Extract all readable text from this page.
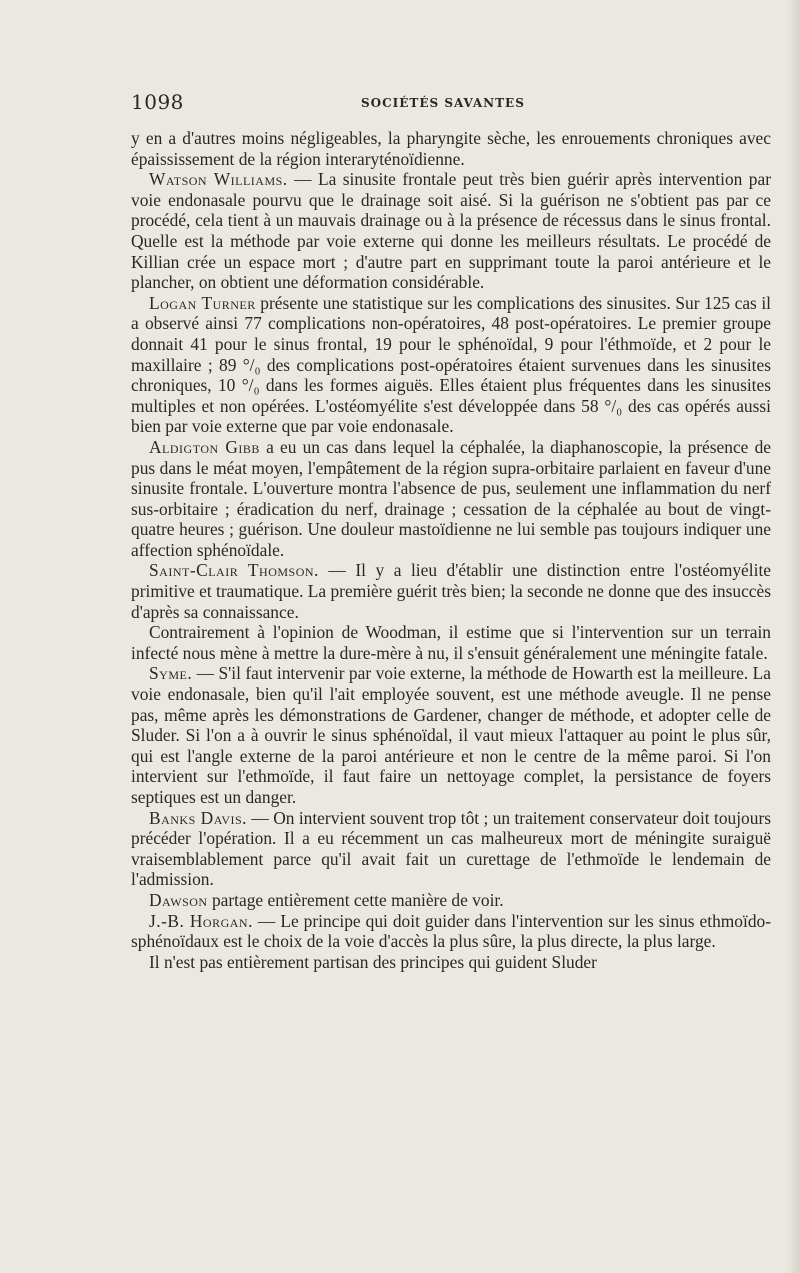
1098	SOCIÉTÉS SAVANTES

y en a d'autres moins négligeables, la pharyngite sèche, les enrouements chroniques avec épaississement de la région interaryténoïdienne.

Watson Williams. — La sinusite frontale peut très bien guérir après intervention par voie endonasale pourvu que le drainage soit aisé. Si la guérison ne s'obtient pas par ce procédé, cela tient à un mauvais drainage ou à la présence de récessus dans le sinus frontal. Quelle est la méthode par voie externe qui donne les meilleurs résultats. Le procédé de Killian crée un espace mort ; d'autre part en supprimant toute la paroi antérieure et le plancher, on obtient une déformation considérable.

Logan Turner présente une statistique sur les complications des sinusites. Sur 125 cas il a observé ainsi 77 complications non-opératoires, 48 post-opératoires. Le premier groupe donnait 41 pour le sinus frontal, 19 pour le sphénoïdal, 9 pour l'éthmoïde, et 2 pour le maxillaire ; 89 °/₀ des complications post-opératoires étaient survenues dans les sinusites chroniques, 10 °/₀ dans les formes aiguës. Elles étaient plus fréquentes dans les sinusites multiples et non opérées. L'ostéomyélite s'est développée dans 58 °/₀ des cas opérés aussi bien par voie externe que par voie endonasale.

Aldigton Gibb a eu un cas dans lequel la céphalée, la diaphanoscopie, la présence de pus dans le méat moyen, l'empâtement de la région supra-orbitaire parlaient en faveur d'une sinusite frontale. L'ouverture montra l'absence de pus, seulement une inflammation du nerf sus-orbitaire ; éradication du nerf, drainage ; cessation de la céphalée au bout de vingt-quatre heures ; guérison. Une douleur mastoïdienne ne lui semble pas toujours indiquer une affection sphénoïdale.

Saint-Clair Thomson. — Il y a lieu d'établir une distinction entre l'ostéomyélite primitive et traumatique. La première guérit très bien; la seconde ne donne que des insuccès d'après sa connaissance.

Contrairement à l'opinion de Woodman, il estime que si l'intervention sur un terrain infecté nous mène à mettre la dure-mère à nu, il s'ensuit généralement une méningite fatale.

Syme. — S'il faut intervenir par voie externe, la méthode de Howarth est la meilleure. La voie endonasale, bien qu'il l'ait employée souvent, est une méthode aveugle. Il ne pense pas, même après les démonstrations de Gardener, changer de méthode, et adopter celle de Sluder. Si l'on a à ouvrir le sinus sphénoïdal, il vaut mieux l'attaquer au point le plus sûr, qui est l'angle externe de la paroi antérieure et non le centre de la même paroi. Si l'on intervient sur l'ethmoïde, il faut faire un nettoyage complet, la persistance de foyers septiques est un danger.

Banks Davis. — On intervient souvent trop tôt ; un traitement conservateur doit toujours précéder l'opération. Il a eu récemment un cas malheureux mort de méningite suraiguë vraisemblablement parce qu'il avait fait un curettage de l'ethmoïde le lendemain de l'admission.

Dawson partage entièrement cette manière de voir.

J.-B. Horgan. — Le principe qui doit guider dans l'intervention sur les sinus ethmoïdo-sphénoïdaux est le choix de la voie d'accès la plus sûre, la plus directe, la plus large.

Il n'est pas entièrement partisan des principes qui guident Sluder
